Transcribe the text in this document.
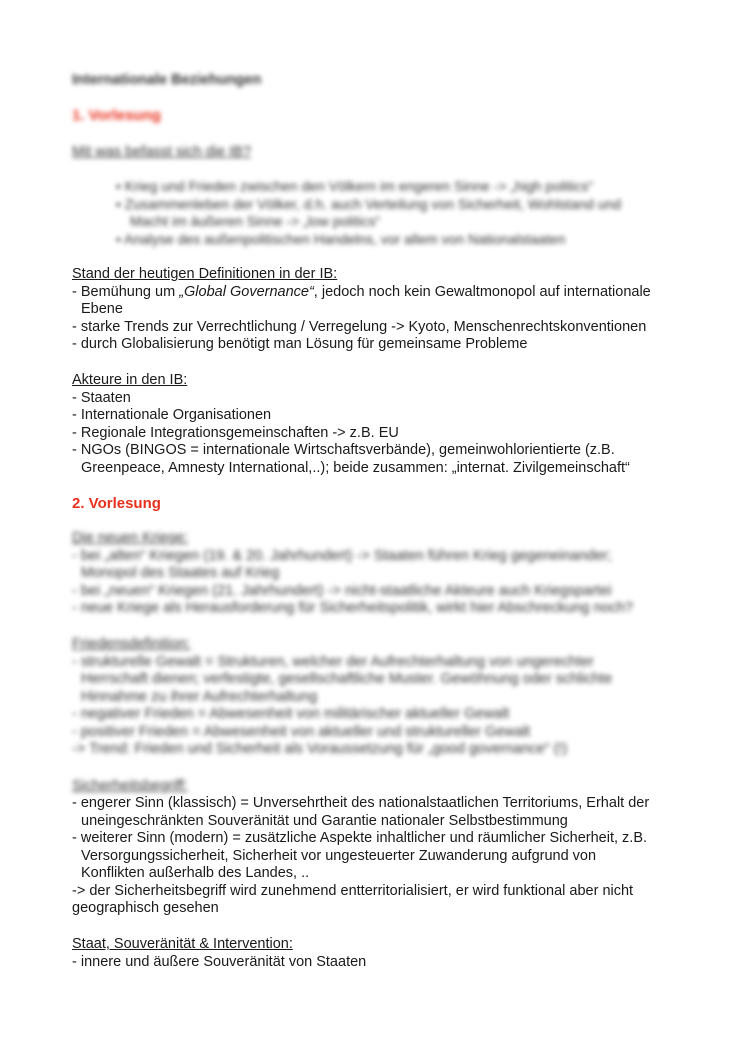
Internationale Beziehungen
1. Vorlesung
Mit was befasst sich die IB?
• Krieg und Frieden zwischen den Völkern im engeren Sinne -> „high politics“
• Zusammenleben der Völker, d.h. auch Verteilung von Sicherheit, Wohlstand und
Macht im äußeren Sinne -> „low politics“
• Analyse des außenpolitischen Handelns, vor allem von Nationalstaaten
Stand der heutigen Definitionen in der IB:
- Bemühung um „Global Governance“, jedoch noch kein Gewaltmonopol auf internationale
Ebene
- starke Trends zur Verrechtlichung / Verregelung -> Kyoto, Menschenrechtskonventionen
- durch Globalisierung benötigt man Lösung für gemeinsame Probleme
Akteure in den IB:
- Staaten
- Internationale Organisationen
- Regionale Integrationsgemeinschaften -> z.B. EU
- NGOs (BINGOS = internationale Wirtschaftsverbände), gemeinwohlorientierte (z.B.
Greenpeace, Amnesty International,..); beide zusammen: „internat. Zivilgemeinschaft“
2. Vorlesung
Die neuen Kriege:
- bei „alten“ Kriegen (19. & 20. Jahrhundert) -> Staaten führen Krieg gegeneinander;
Monopol des Staates auf Krieg
- bei „neuen“ Kriegen (21. Jahrhundert) -> nicht-staatliche Akteure auch Kriegspartei
- neue Kriege als Herausforderung für Sicherheitspolitik, wirkt hier Abschreckung noch?
Friedensdefinition:
- strukturelle Gewalt = Strukturen, welcher der Aufrechterhaltung von ungerechter
Herrschaft dienen; verfestigte, gesellschaftliche Muster. Gewöhnung oder schlichte
Hinnahme zu ihrer Aufrechterhaltung
- negativer Frieden = Abwesenheit von militärischer aktueller Gewalt
- positiver Frieden = Abwesenheit von aktueller und struktureller Gewalt
-> Trend: Frieden und Sicherheit als Voraussetzung für „good governance“ (!)
Sicherheitsbegriff:
- engerer Sinn (klassisch) = Unversehrtheit des nationalstaatlichen Territoriums, Erhalt der
uneingeschränkten Souveränität und Garantie nationaler Selbstbestimmung
- weiterer Sinn (modern) = zusätzliche Aspekte inhaltlicher und räumlicher Sicherheit, z.B.
Versorgungssicherheit, Sicherheit vor ungesteuerter Zuwanderung aufgrund von
Konflikten außerhalb des Landes, ..
-> der Sicherheitsbegriff wird zunehmend entterritorialisiert, er wird funktional aber nicht
geographisch gesehen
Staat, Souveränität & Intervention:
- innere und äußere Souveränität von Staaten
